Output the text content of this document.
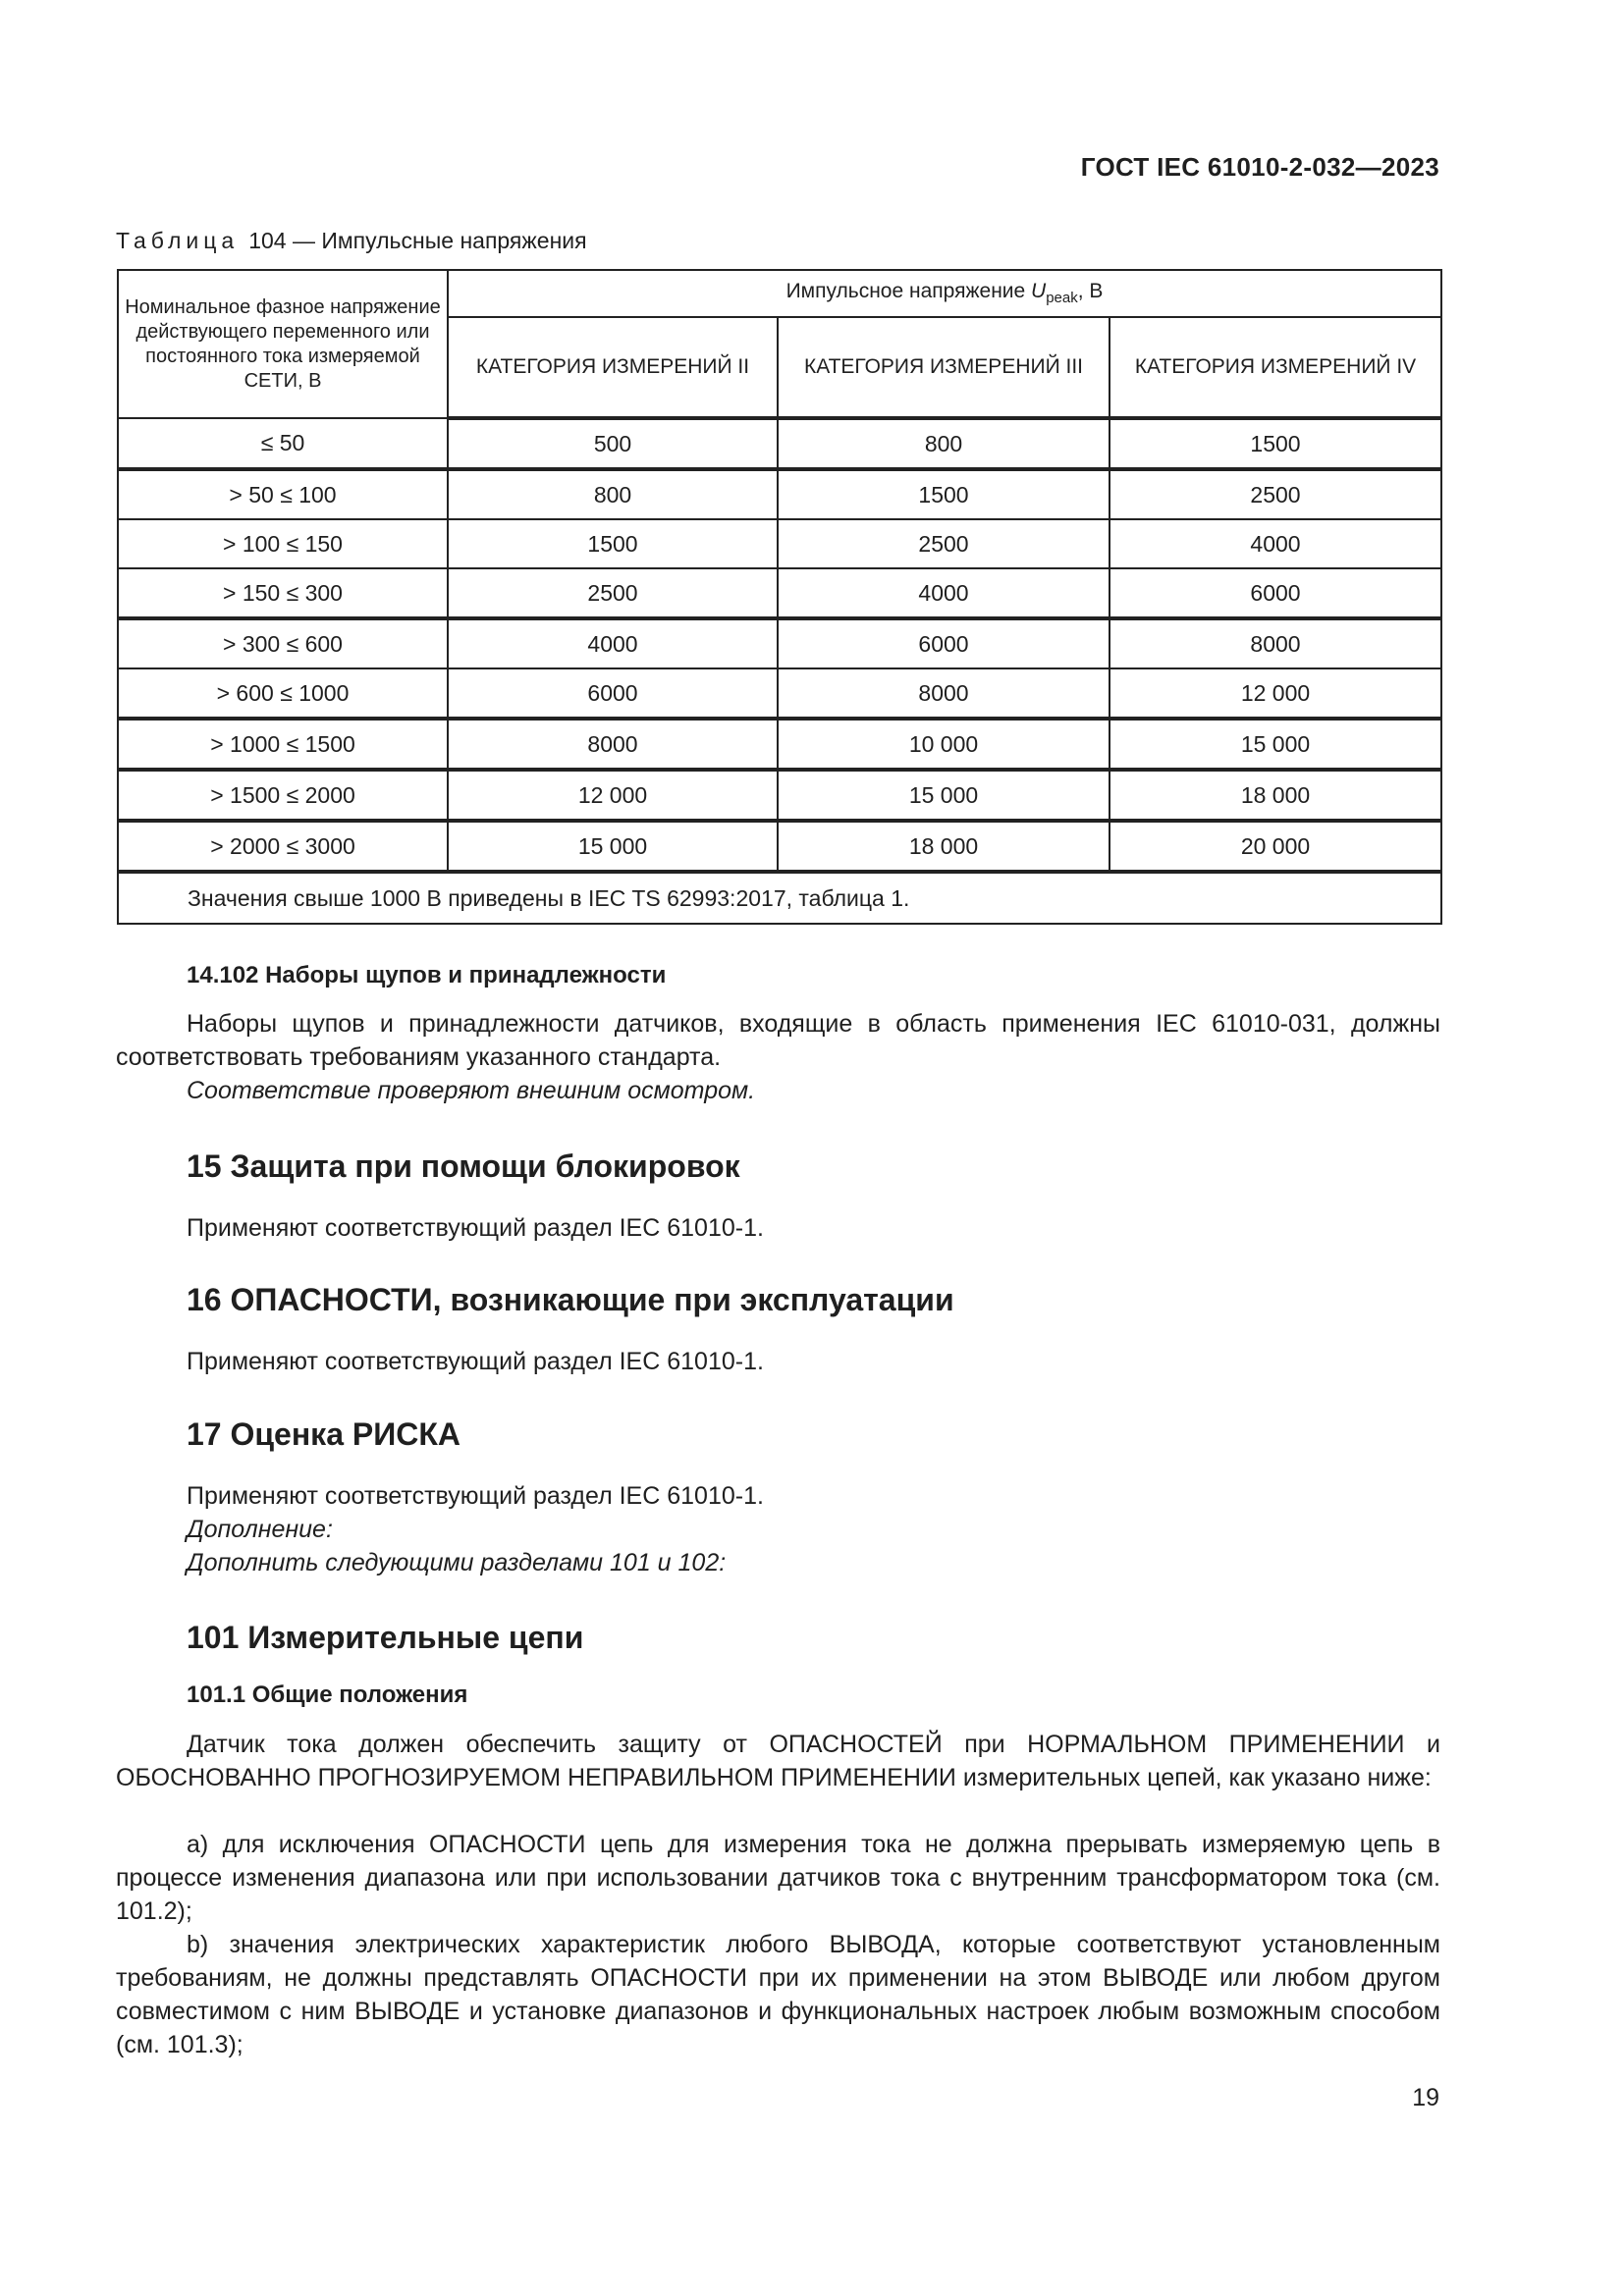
ГОСТ IEC 61010-2-032—2023
Таблица 104 — Импульсные напряжения
Номинальное фазное напряжение действующего переменного или постоянного тока измеряемой СЕТИ, В	Импульсное напряжение $U_{peak}$, В		
	КАТЕГОРИЯ ИЗМЕРЕНИЙ II	КАТЕГОРИЯ ИЗМЕРЕНИЙ III	КАТЕГОРИЯ ИЗМЕРЕНИЙ IV
≤ 50	500	800	1500
> 50 ≤ 100	800	1500	2500
> 100 ≤ 150	1500	2500	4000
> 150 ≤ 300	2500	4000	6000
> 300 ≤ 600	4000	6000	8000
> 600 ≤ 1000	6000	8000	12 000
> 1000 ≤ 1500	8000	10 000	15 000
> 1500 ≤ 2000	12 000	15 000	18 000
> 2000 ≤ 3000	15 000	18 000	20 000
Значения свыше 1000 В приведены в IEC TS 62993:2017, таблица 1.			
14.102 Наборы щупов и принадлежности
Наборы щупов и принадлежности датчиков, входящие в область применения IEC 61010-031, должны соответствовать требованиям указанного стандарта.
Соответствие проверяют внешним осмотром.
15 Защита при помощи блокировок
Применяют соответствующий раздел IEC 61010-1.
16 ОПАСНОСТИ, возникающие при эксплуатации
Применяют соответствующий раздел IEC 61010-1.
17 Оценка РИСКА
Применяют соответствующий раздел IEC 61010-1.
Дополнение:
Дополнить следующими разделами 101 и 102:
101 Измерительные цепи
101.1 Общие положения
Датчик тока должен обеспечить защиту от ОПАСНОСТЕЙ при НОРМАЛЬНОМ ПРИМЕНЕНИИ и ОБОСНОВАННО ПРОГНОЗИРУЕМОМ НЕПРАВИЛЬНОМ ПРИМЕНЕНИИ измерительных цепей, как указано ниже:
a) для исключения ОПАСНОСТИ цепь для измерения тока не должна прерывать измеряемую цепь в процессе изменения диапазона или при использовании датчиков тока с внутренним трансформатором тока (см. 101.2);
b) значения электрических характеристик любого ВЫВОДА, которые соответствуют установленным требованиям, не должны представлять ОПАСНОСТИ при их применении на этом ВЫВОДЕ или любом другом совместимом с ним ВЫВОДЕ и установке диапазонов и функциональных настроек любым возможным способом (см. 101.3);
19
